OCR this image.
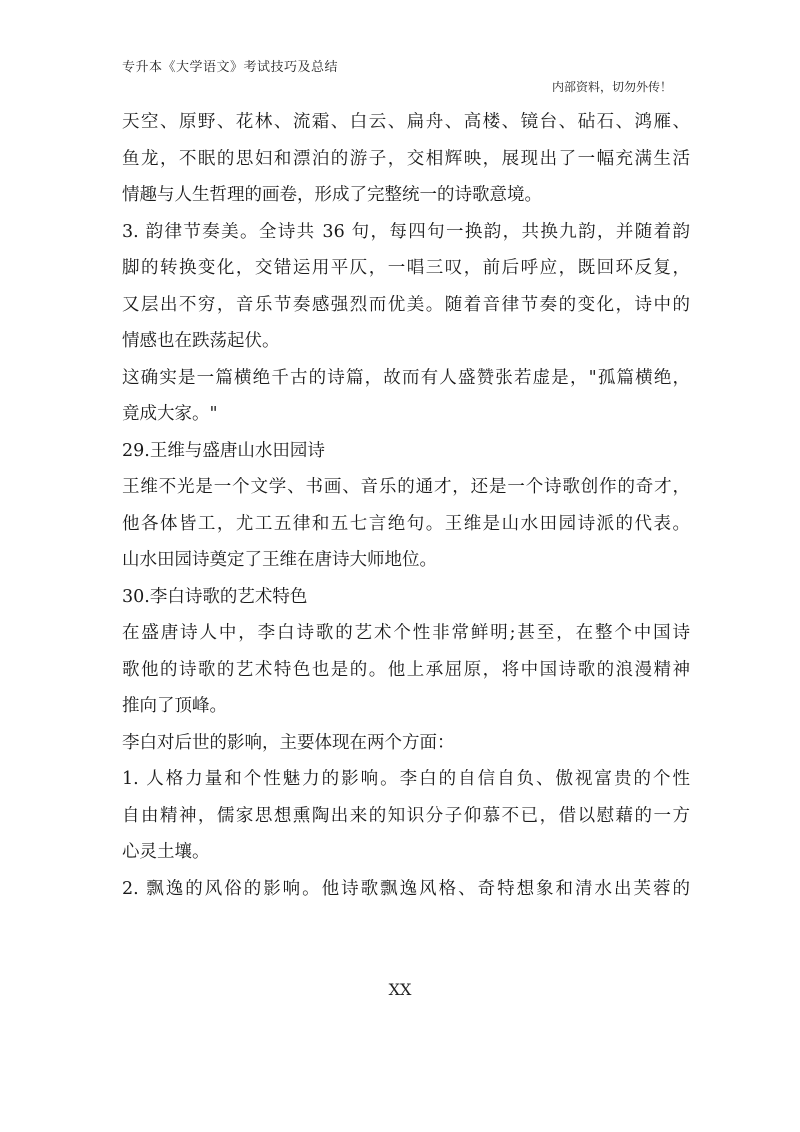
专升本《大学语文》考试技巧及总结
内部资料，切勿外传！
天空、原野、花林、流霜、白云、扁舟、高楼、镜台、砧石、鸿雁、
鱼龙，不眠的思妇和漂泊的游子，交相辉映，展现出了一幅充满生活
情趣与人生哲理的画卷，形成了完整统一的诗歌意境。
3. 韵律节奏美。全诗共 36 句，每四句一换韵，共换九韵，并随着韵
脚的转换变化，交错运用平仄，一唱三叹，前后呼应，既回环反复，
又层出不穷，音乐节奏感强烈而优美。随着音律节奏的变化，诗中的
情感也在跌荡起伏。
这确实是一篇横绝千古的诗篇，故而有人盛赞张若虚是，"孤篇横绝，
竟成大家。"
29.王维与盛唐山水田园诗
王维不光是一个文学、书画、音乐的通才，还是一个诗歌创作的奇才，
他各体皆工，尤工五律和五七言绝句。王维是山水田园诗派的代表。
山水田园诗奠定了王维在唐诗大师地位。
30.李白诗歌的艺术特色
在盛唐诗人中，李白诗歌的艺术个性非常鲜明;甚至，在整个中国诗
歌他的诗歌的艺术特色也是的。他上承屈原，将中国诗歌的浪漫精神
推向了顶峰。
李白对后世的影响，主要体现在两个方面：
1. 人格力量和个性魅力的影响。李白的自信自负、傲视富贵的个性
自由精神，儒家思想熏陶出来的知识分子仰慕不已，借以慰藉的一方
心灵土壤。
2. 飘逸的风俗的影响。他诗歌飘逸风格、奇特想象和清水出芙蓉的
XX
